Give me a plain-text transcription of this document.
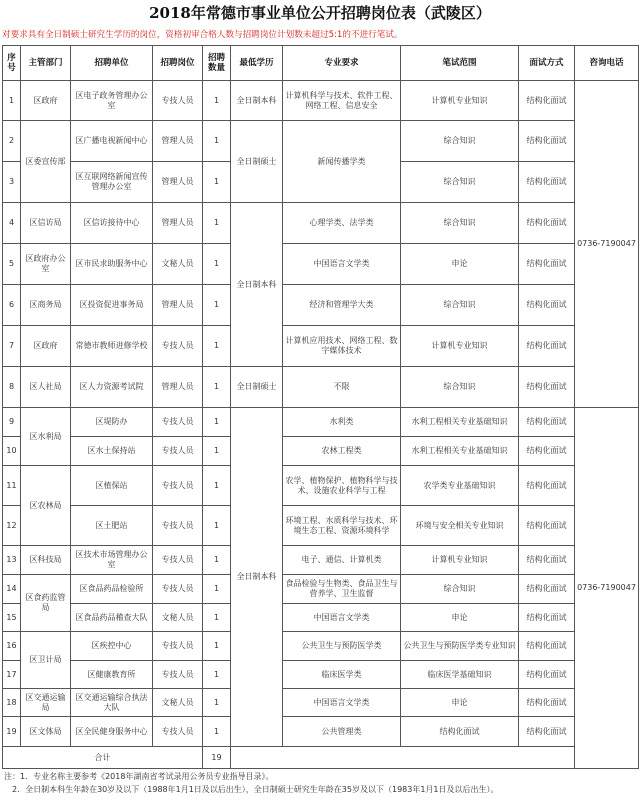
2018年常德市事业单位公开招聘岗位表（武陵区）
对要求具有全日制硕士研究生学历的岗位，资格初审合格人数与招聘岗位计划数未超过5:1的不进行笔试。
序号	主管部门	招聘单位	招聘岗位	招聘数量	最低学历	专业要求	笔试范围	面试方式	咨询电话
1	区政府	区电子政务管理办公室	专技人员	1	全日制本科	计算机科学与技术、软件工程、网络工程、信息安全	计算机专业知识	结构化面试	0736-7190047
2	区委宣传部	区广播电视新闻中心	管理人员	1	全日制硕士	新闻传播学类	综合知识	结构化面试	
3		区互联网络新闻宣传管理办公室	管理人员	1			综合知识	结构化面试	
4	区信访局	区信访接待中心	管理人员	1	全日制本科	心理学类、法学类	综合知识	结构化面试	
5	区政府办公室	区市民求助服务中心	文秘人员	1		中国语言文学类	申论	结构化面试	
6	区商务局	区投资促进事务局	管理人员	1		经济和管理学大类	综合知识	结构化面试	
7	区政府	常德市教师进修学校	专技人员	1		计算机应用技术、网络工程、数字媒体技术	计算机专业知识	结构化面试	
8	区人社局	区人力资源考试院	管理人员	1	全日制硕士	不限	综合知识	结构化面试	
9	区水利局	区堤防办	专技人员	1	全日制本科	水利类	水利工程相关专业基础知识	结构化面试	0736-7190047
10		区水土保持站	专技人员	1		农林工程类	水利工程相关专业基础知识	结构化面试	
11	区农林局	区植保站	专技人员	1		农学、植物保护、植物科学与技术、设施农业科学与工程	农学类专业基础知识	结构化面试	
12		区土肥站	专技人员	1		环境工程、水质科学与技术、环境生态工程、资源环境科学	环境与安全相关专业知识	结构化面试	
13	区科技局	区技术市场管理办公室	专技人员	1		电子、通信、计算机类	计算机专业知识	结构化面试	
14	区食药监管局	区食品药品检验所	专技人员	1		食品检验与生物类、食品卫生与营养学、卫生监督	综合知识	结构化面试	
15		区食品药品稽查大队	文秘人员	1		中国语言文学类	申论	结构化面试	
16	区卫计局	区疾控中心	专技人员	1		公共卫生与预防医学类	公共卫生与预防医学类专业知识	结构化面试	
17		区健康教育所	专技人员	1		临床医学类	临床医学基础知识	结构化面试	
18	区交通运输局	区交通运输综合执法大队	文秘人员	1		中国语言文学类	申论	结构化面试	
19	区文体局	区全民健身服务中心	专技人员	1		公共管理类	结构化面试	结构化面试	
合计				19					
注：1．专业名称主要参考《2018年湖南省考试录用公务员专业指导目录》。
2．全日制本科生年龄在30岁及以下（1988年1月1日及以后出生），全日制硕士研究生年龄在35岁及以下（1983年1月1日及以后出生）。
